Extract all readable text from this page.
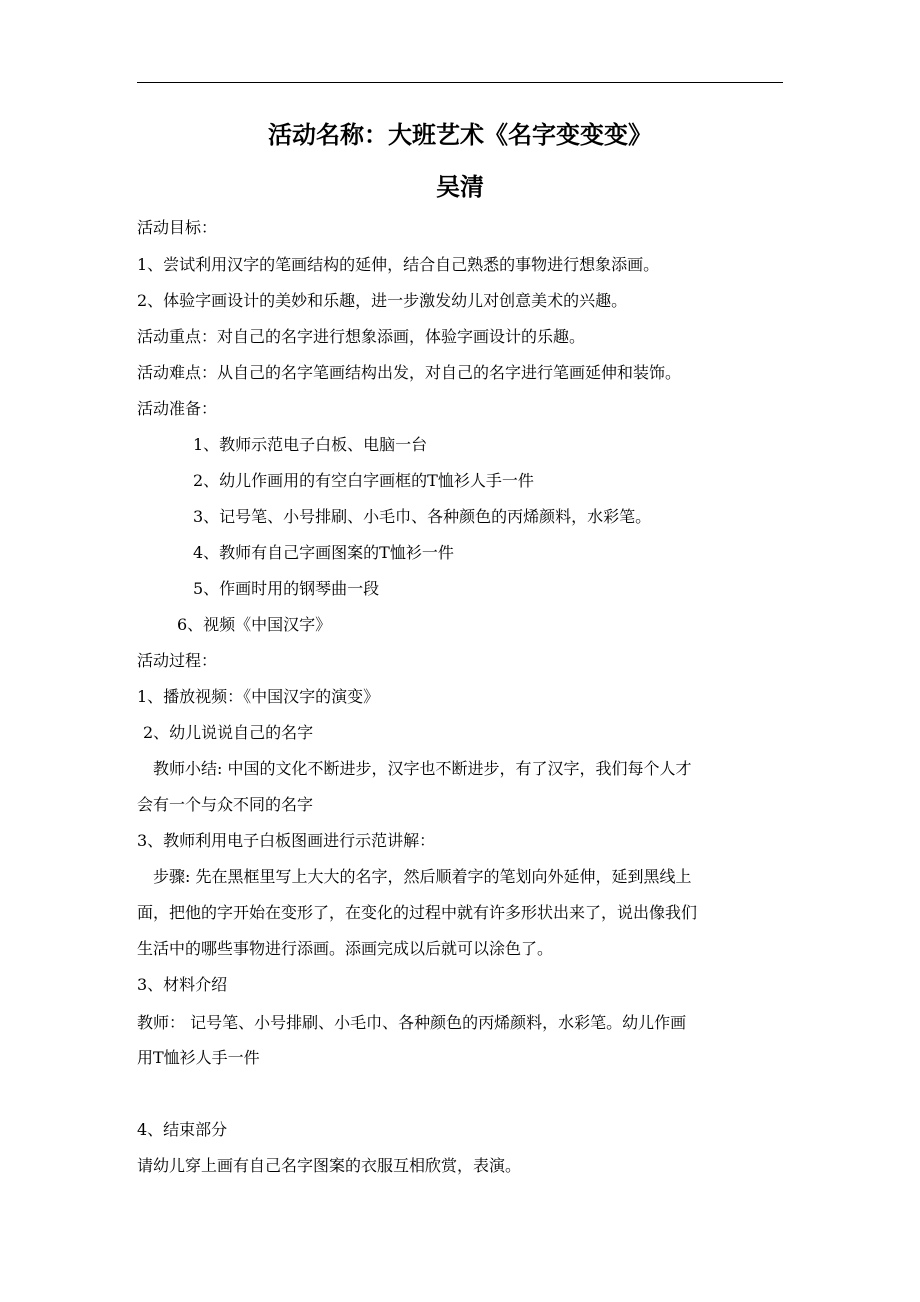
活动名称：大班艺术《名字变变变》
吴清
活动目标：
1、尝试利用汉字的笔画结构的延伸，结合自己熟悉的事物进行想象添画。
2、体验字画设计的美妙和乐趣，进一步激发幼儿对创意美术的兴趣。
活动重点：对自己的名字进行想象添画，体验字画设计的乐趣。
活动难点：从自己的名字笔画结构出发，对自己的名字进行笔画延伸和装饰。
活动准备：
1、教师示范电子白板、电脑一台
2、幼儿作画用的有空白字画框的T恤衫人手一件
3、记号笔、小号排刷、小毛巾、各种颜色的丙烯颜料，水彩笔。
4、教师有自己字画图案的T恤衫一件
5、作画时用的钢琴曲一段
6、视频《中国汉字》
活动过程：
1、播放视频：《中国汉字的演变》
2、幼儿说说自己的名字
教师小结: 中国的文化不断进步，汉字也不断进步，有了汉字，我们每个人才
会有一个与众不同的名字
3、教师利用电子白板图画进行示范讲解：
步骤: 先在黑框里写上大大的名字，然后顺着字的笔划向外延伸，延到黑线上
面，把他的字开始在变形了，在变化的过程中就有许多形状出来了，说出像我们
生活中的哪些事物进行添画。添画完成以后就可以涂色了。
3、材料介绍
教师： 记号笔、小号排刷、小毛巾、各种颜色的丙烯颜料，水彩笔。幼儿作画
用T恤衫人手一件
4、结束部分
请幼儿穿上画有自己名字图案的衣服互相欣赏，表演。
